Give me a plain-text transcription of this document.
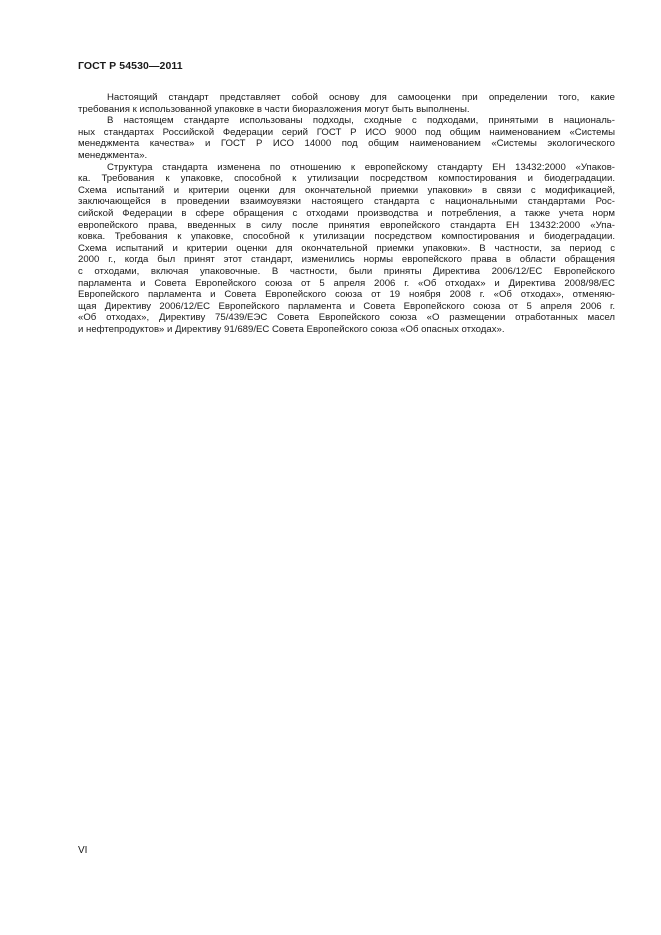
ГОСТ Р 54530—2011
Настоящий стандарт представляет собой основу для самооценки при определении того, какие
требования к использованной упаковке в части биоразложения могут быть выполнены.
В настоящем стандарте использованы подходы, сходные с подходами, принятыми в националь-
ных стандартах Российской Федерации серий ГОСТ Р ИСО 9000 под общим наименованием «Системы
менеджмента качества» и ГОСТ Р ИСО 14000 под общим наименованием «Системы экологического
менеджмента».
Структура стандарта изменена по отношению к европейскому стандарту ЕН 13432:2000 «Упаков-
ка. Требования к упаковке, способной к утилизации посредством компостирования и биодеградации.
Схема испытаний и критерии оценки для окончательной приемки упаковки» в связи с модификацией,
заключающейся в проведении взаимоувязки настоящего стандарта с национальными стандартами Рос-
сийской Федерации в сфере обращения с отходами производства и потребления, а также учета норм
европейского права, введенных в силу после принятия европейского стандарта ЕН 13432:2000 «Упа-
ковка. Требования к упаковке, способной к утилизации посредством компостирования и биодеградации.
Схема испытаний и критерии оценки для окончательной приемки упаковки». В частности, за период с
2000 г., когда был принят этот стандарт, изменились нормы европейского права в области обращения
с отходами, включая упаковочные. В частности, были приняты Директива 2006/12/ЕС Европейского
парламента и Совета Европейского союза от 5 апреля 2006 г. «Об отходах» и Директива 2008/98/ЕС
Европейского парламента и Совета Европейского союза от 19 ноября 2008 г. «Об отходах», отменяю-
щая Директиву 2006/12/ЕС Европейского парламента и Совета Европейского союза от 5 апреля 2006 г.
«Об отходах», Директиву 75/439/ЕЭС Совета Европейского союза «О размещении отработанных масел
и нефтепродуктов» и Директиву 91/689/ЕС Совета Европейского союза «Об опасных отходах».
VI
